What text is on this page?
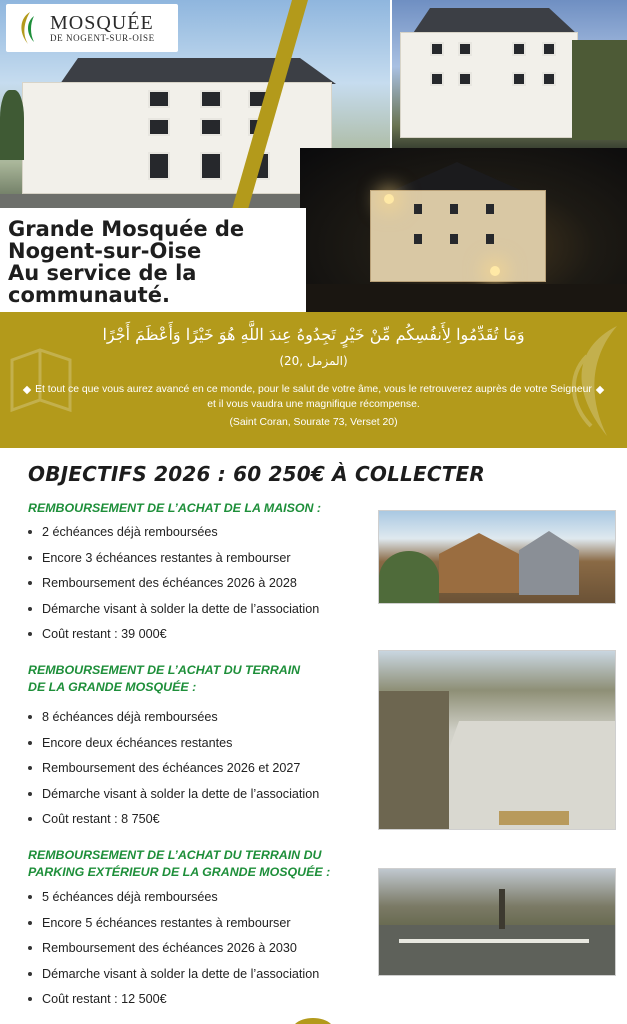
MOSQUÉE
DE NOGENT-SUR-OISE
Grande Mosquée de
Nogent-sur-Oise
Au service de la
communauté.
وَمَا تُقَدِّمُوا لِأَنفُسِكُم مِّنْ خَيْرٍ تَجِدُوهُ عِندَ اللَّهِ هُوَ خَيْرًا وَأَعْظَمَ أَجْرًا
(المزمل ,20)
Et tout ce que vous aurez avancé en ce monde, pour le salut de votre âme, vous le retrouverez auprès de votre Seigneur et il vous vaudra une magnifique récompense.
(Saint Coran, Sourate 73, Verset 20)
OBJECTIFS 2026 : 60 250€ À COLLECTER
REMBOURSEMENT DE L’ACHAT DE LA MAISON :
2 échéances déjà remboursées
Encore 3 échéances restantes à rembourser
Remboursement des échéances 2026 à 2028
Démarche visant à solder la dette de l’association
Coût restant : 39 000€
REMBOURSEMENT DE L’ACHAT DU TERRAIN
DE LA GRANDE MOSQUÉE :
8 échéances déjà remboursées
Encore deux échéances restantes
Remboursement des échéances 2026 et 2027
Démarche visant à solder la dette de l’association
Coût restant : 8 750€
REMBOURSEMENT DE L’ACHAT DU TERRAIN DU
PARKING EXTÉRIEUR DE LA GRANDE MOSQUÉE :
5 échéances déjà remboursées
Encore 5 échéances restantes à rembourser
Remboursement des échéances 2026 à 2030
Démarche visant à solder la dette de l’association
Coût restant : 12 500€
